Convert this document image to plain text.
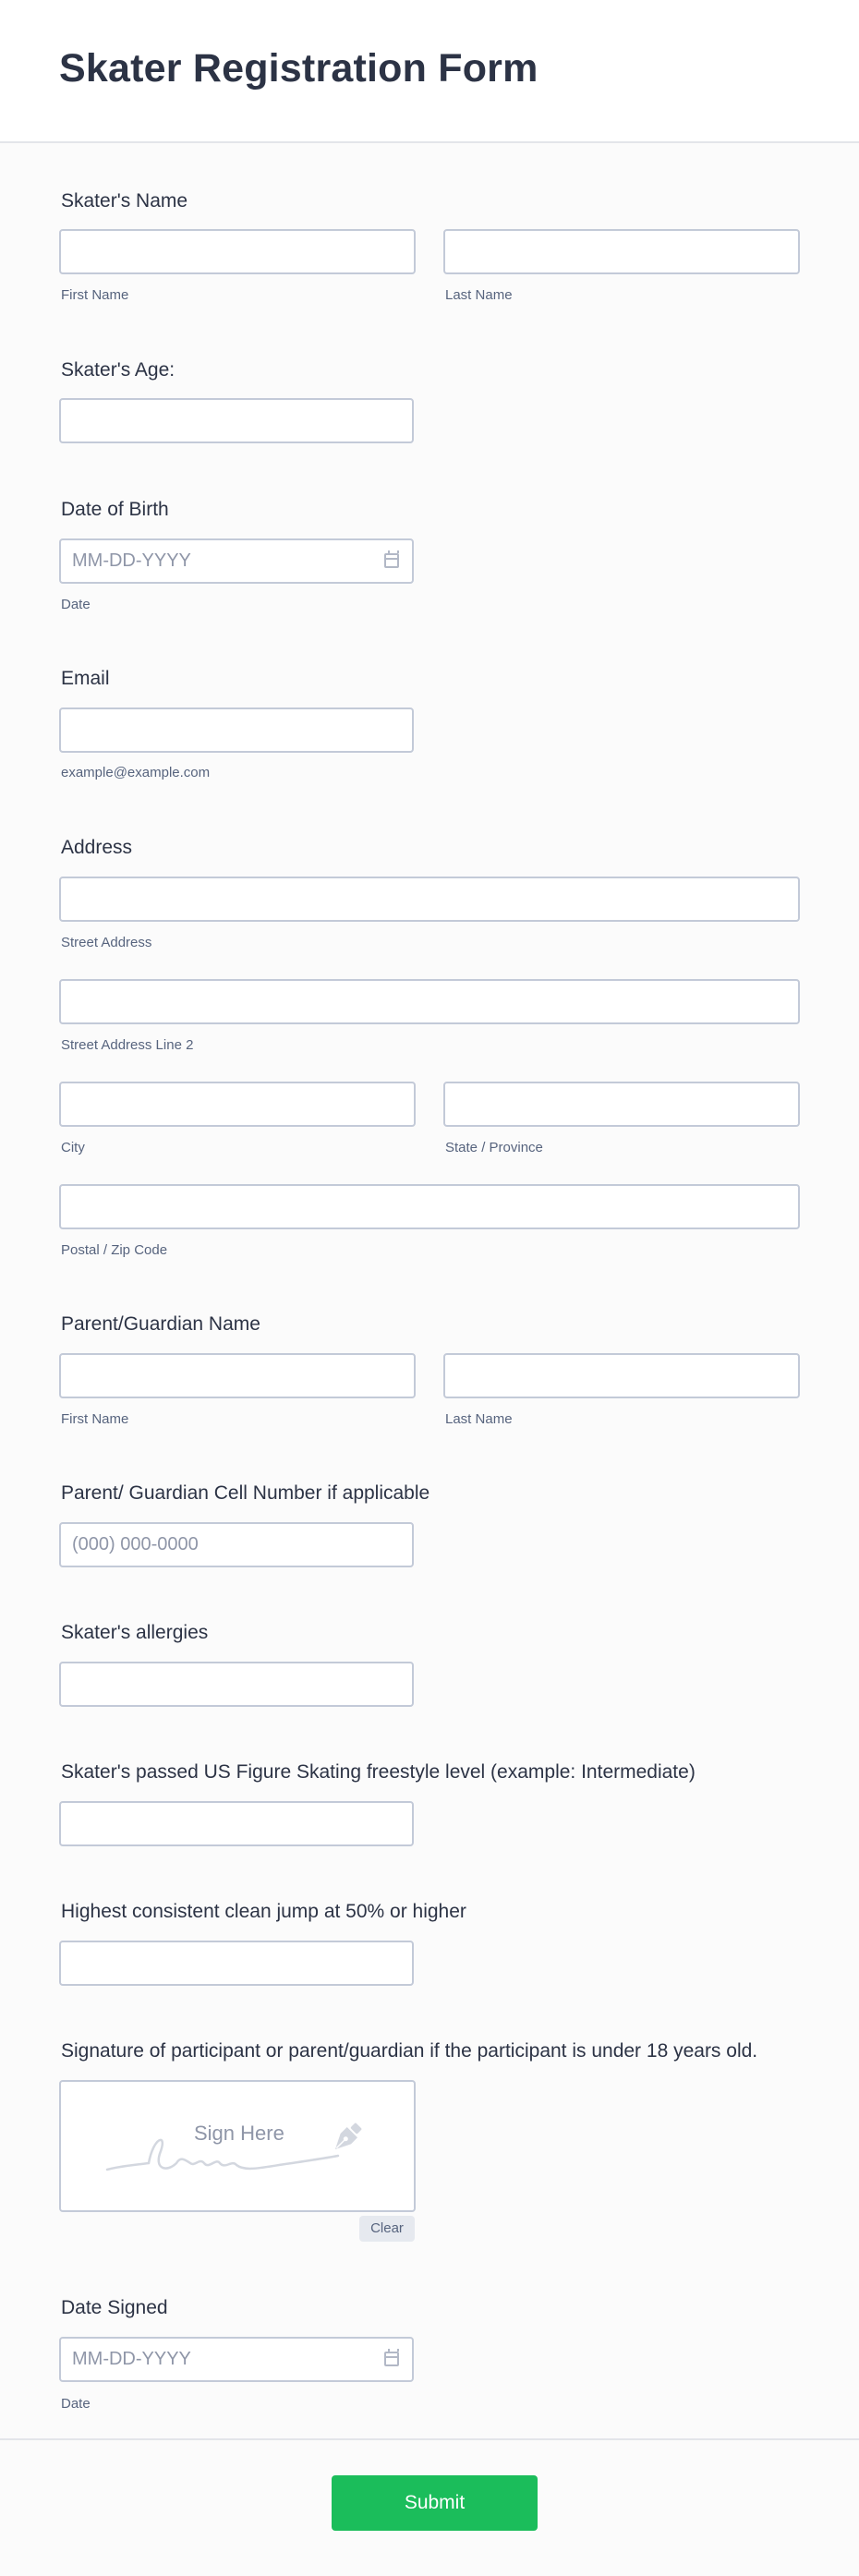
Skater Registration Form
Skater's Name
First Name	Last Name
Skater's Age:
Date of Birth
MM-DD-YYYY
Date
Email
example@example.com
Address
Street Address
Street Address Line 2
City	State / Province
Postal / Zip Code
Parent/Guardian Name
First Name	Last Name
Parent/ Guardian Cell Number if applicable
(000) 000-0000
Skater's allergies
Skater's passed US Figure Skating freestyle level (example: Intermediate)
Highest consistent clean jump at 50% or higher
Signature of participant or parent/guardian if the participant is under 18 years old.
Sign Here
Clear
Date Signed
MM-DD-YYYY
Date
Submit
